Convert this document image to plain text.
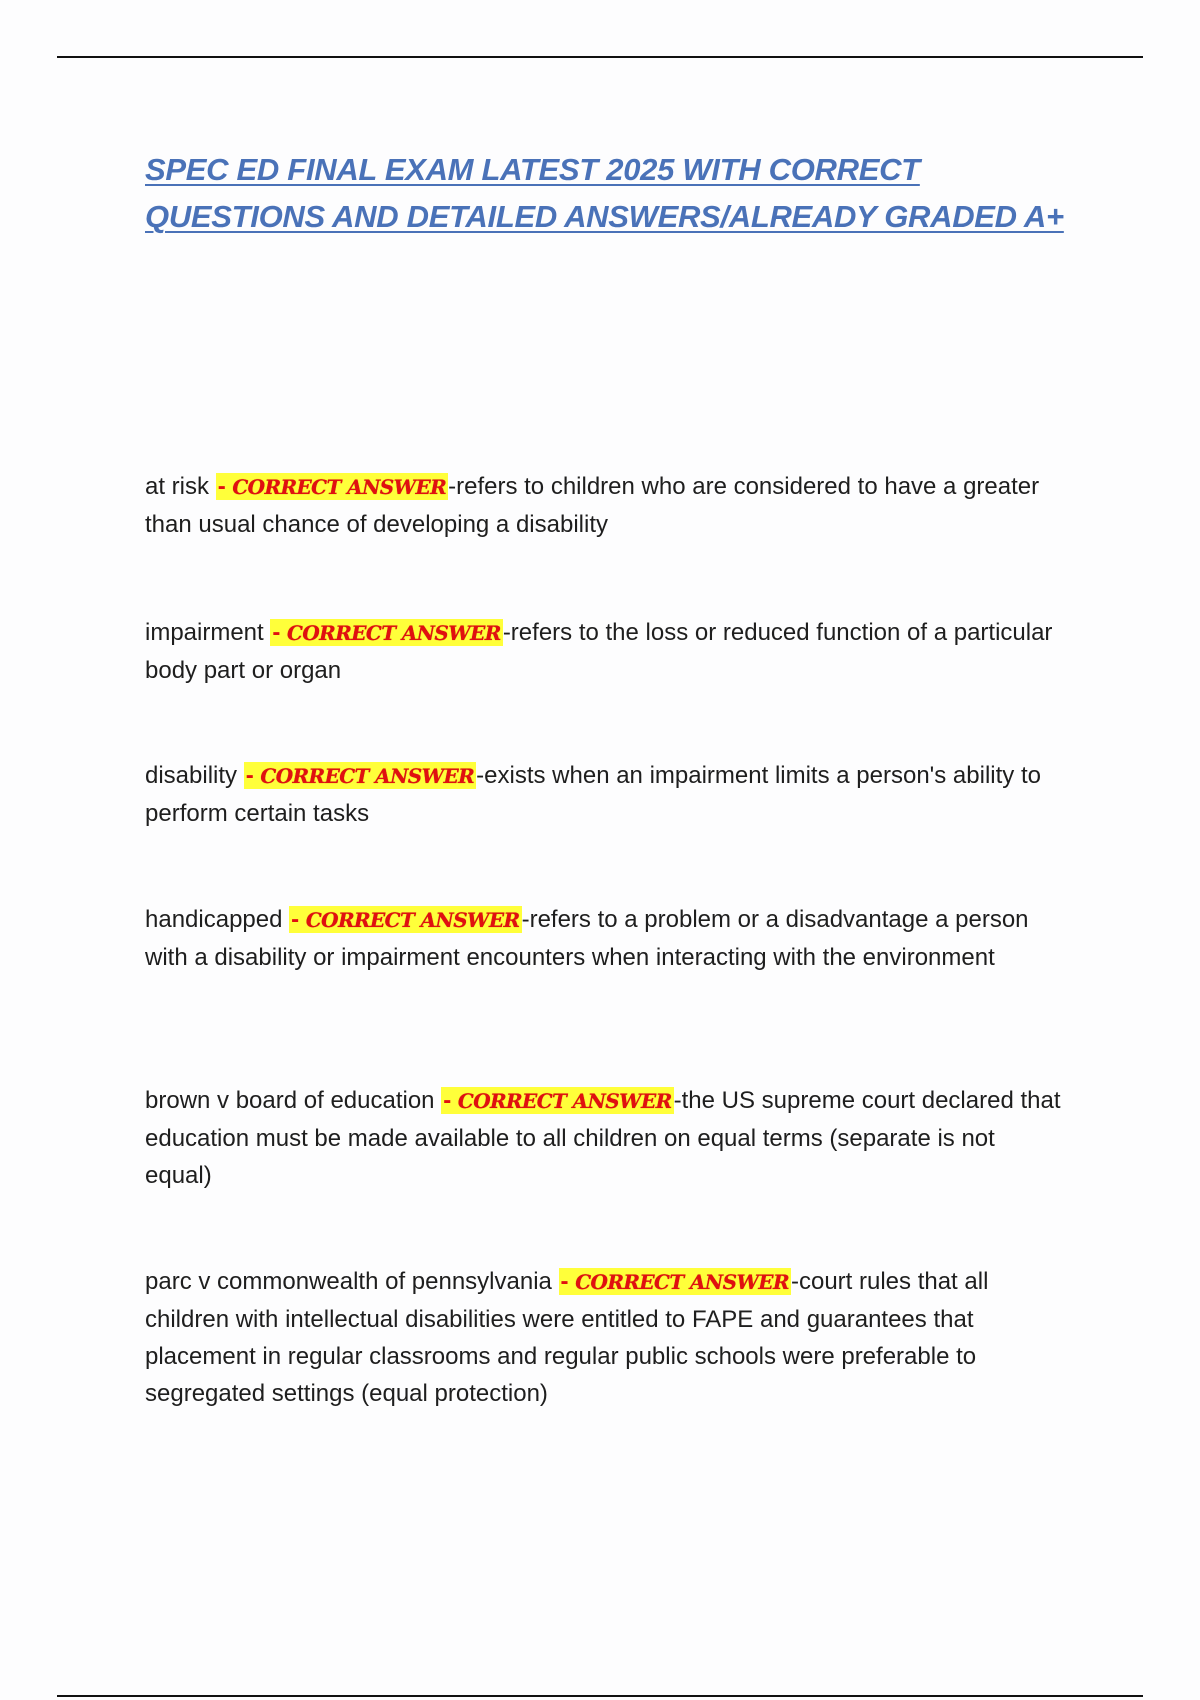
SPEC ED FINAL EXAM LATEST 2025 WITH CORRECT QUESTIONS AND DETAILED ANSWERS/ALREADY GRADED A+

at risk - CORRECT ANSWER-refers to children who are considered to have a greater than usual chance of developing a disability

impairment - CORRECT ANSWER-refers to the loss or reduced function of a particular body part or organ

disability - CORRECT ANSWER-exists when an impairment limits a person's ability to perform certain tasks

handicapped - CORRECT ANSWER-refers to a problem or a disadvantage a person with a disability or impairment encounters when interacting with the environment

brown v board of education - CORRECT ANSWER-the US supreme court declared that education must be made available to all children on equal terms (separate is not equal)

parc v commonwealth of pennsylvania - CORRECT ANSWER-court rules that all children with intellectual disabilities were entitled to FAPE and guarantees that placement in regular classrooms and regular public schools were preferable to segregated settings (equal protection)
